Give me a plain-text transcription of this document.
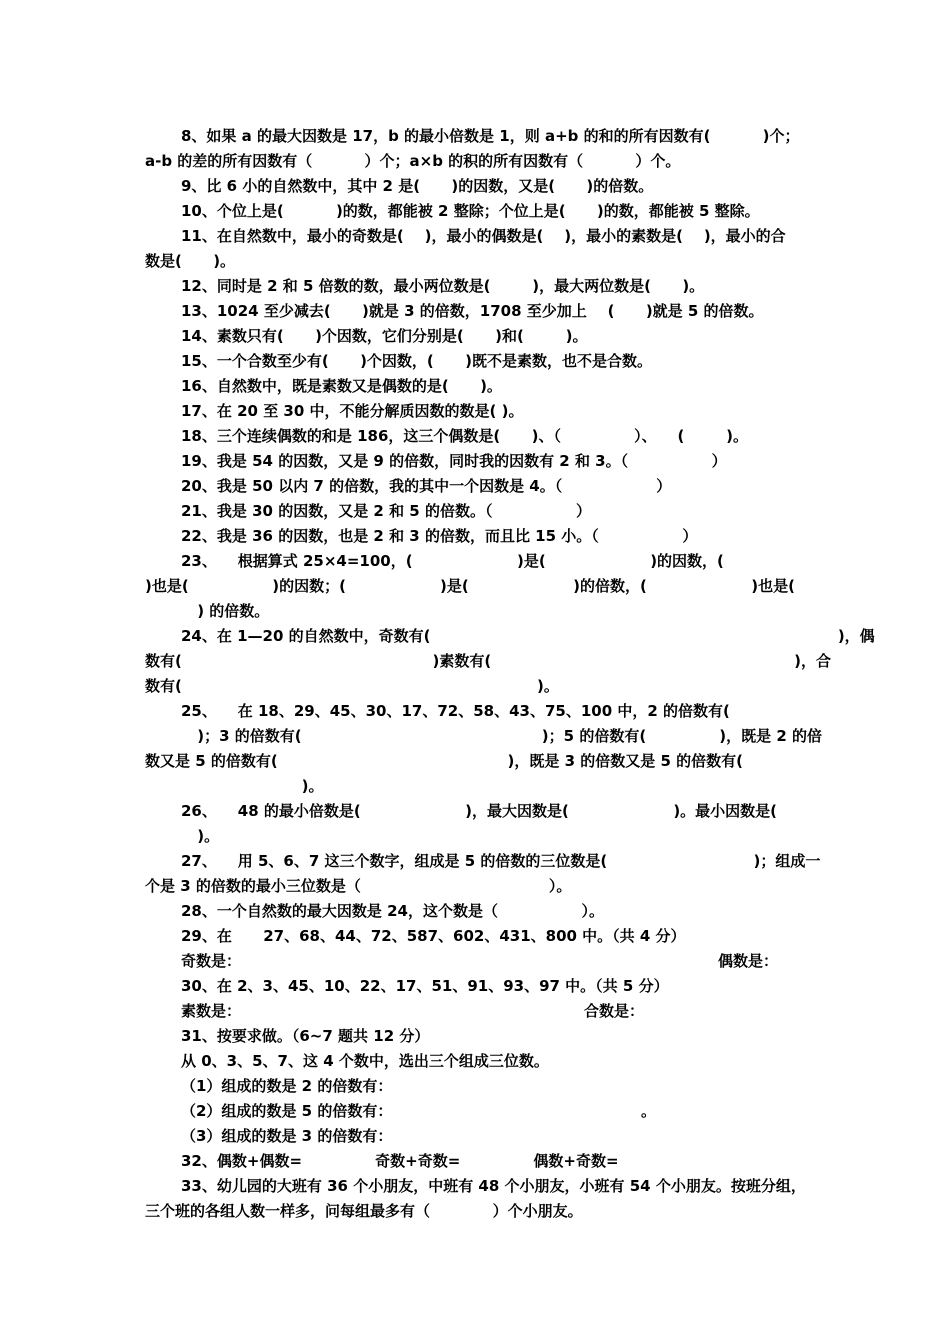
8、如果 a 的最大因数是 17，b 的最小倍数是 1，则 a+b 的和的所有因数有(          )个；

a-b 的差的所有因数有（          ）个；a×b 的积的所有因数有（          ）个。

9、比 6 小的自然数中，其中 2 是(      )的因数，又是(      )的倍数。

10、个位上是(          )的数，都能被 2 整除；个位上是(      )的数，都能被 5 整除。

11、在自然数中，最小的奇数是(    )，最小的偶数是(    )，最小的素数是(    )，最小的合

数是(      )。

12、同时是 2 和 5 倍数的数，最小两位数是(        )，最大两位数是(      )。

13、1024 至少减去(      )就是 3 的倍数，1708 至少加上    (      )就是 5 的倍数。

14、素数只有(      )个因数，它们分别是(      )和(        )。

15、一个合数至少有(      )个因数，(      )既不是素数，也不是合数。

16、自然数中，既是素数又是偶数的是(      )。

17、在 20 至 30 中，不能分解质因数的数是( )。

18、三个连续偶数的和是 186，这三个偶数是(      )、（              ）、    (        )。

19、我是 54 的因数，又是 9 的倍数，同时我的因数有 2 和 3。（                ）

20、我是 50 以内 7 的倍数，我的其中一个因数是 4。（                  ）

21、我是 30 的因数，又是 2 和 5 的倍数。（                ）

22、我是 36 的因数，也是 2 和 3 的倍数，而且比 15 小。（                ）

23、    根据算式 25×4=100，(                    )是(                    )的因数，(

)也是(                )的因数；(                  )是(                    )的倍数，(                    )也是(

) 的倍数。

24、在 1—20 的自然数中，奇数有(                                                                              )，偶

数有(                                                )素数有(                                                          )，合

数有(                                                                    )。

25、    在 18、29、45、30、17、72、58、43、75、100 中，2 的倍数有(

)；3 的倍数有(                                              )；5 的倍数有(              )，既是 2 的倍

数又是 5 的倍数有(                                            )，既是 3 的倍数又是 5 的倍数有(

)。

26、    48 的最小倍数是(                    )，最大因数是(                    )。最小因数是(

)。

27、    用 5、6、7 这三个数字，组成是 5 的倍数的三位数是(                            )；组成一

个是 3 的倍数的最小三位数是（                                    ）。

28、一个自然数的最大因数是 24，这个数是（                ）。

29、在      27、68、44、72、587、602、431、800 中。（共 4 分）

奇数是：	偶数是：

30、在 2、3、45、10、22、17、51、91、93、97 中。（共 5 分）

素数是：	合数是：

31、按要求做。（6~7 题共 12 分）

从 0、3、5、7、这 4 个数中，选出三个组成三位数。

（1）组成的数是 2 的倍数有：

（2）组成的数是 5 的倍数有：	。

（3）组成的数是 3 的倍数有：

32、偶数+偶数=              奇数+奇数=              偶数+奇数=

33、幼儿园的大班有 36 个小朋友，中班有 48 个小朋友，小班有 54 个小朋友。按班分组，

三个班的各组人数一样多，问每组最多有（            ）个小朋友。
